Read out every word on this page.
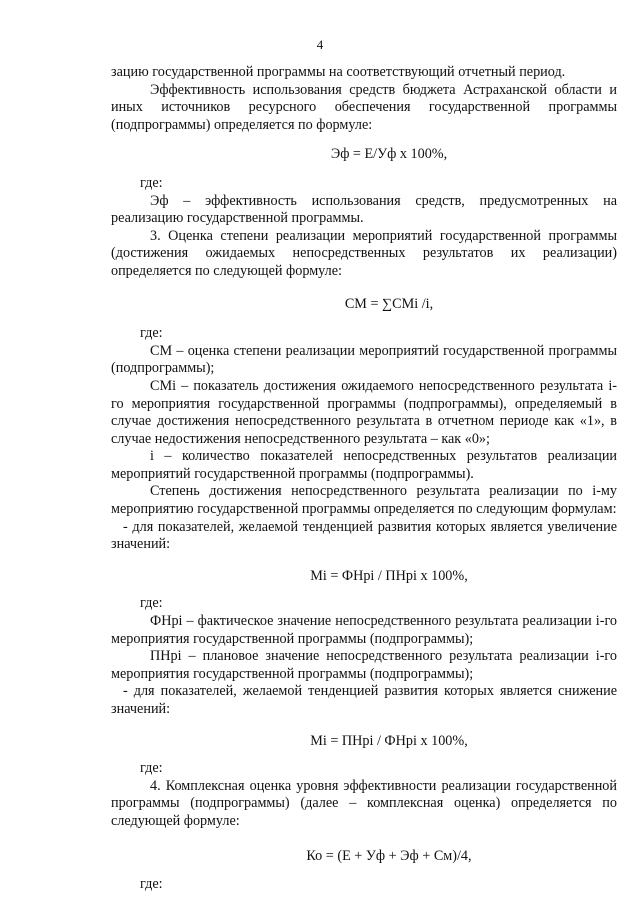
4

зацию государственной программы на соответствующий отчетный период.

Эффективность использования средств бюджета Астраханской области и иных источников ресурсного обеспечения государственной программы (подпрограммы) определяется по формуле:

Эф = Е/Уф х 100%,

где:

Эф – эффективность использования средств, предусмотренных на реализацию государственной программы.

3. Оценка степени реализации мероприятий государственной программы (достижения ожидаемых непосредственных результатов их реализации) определяется по следующей формуле:

СМ = ∑СМі /і,

где:

СМ – оценка степени реализации мероприятий государственной программы (подпрограммы);

СМі – показатель достижения ожидаемого непосредственного результата і-го мероприятия государственной программы (подпрограммы), определяемый в случае достижения непосредственного результата в отчетном периоде как «1», в случае недостижения непосредственного результата – как «0»;

і – количество показателей непосредственных результатов реализации мероприятий государственной программы (подпрограммы).

Степень достижения непосредственного результата реализации по і-му мероприятию государственной программы определяется по следующим формулам:

- для показателей, желаемой тенденцией развития которых является увеличение значений:

Мі = ФНрі / ПНрі х 100%,

где:

ФНрі – фактическое значение непосредственного результата реализации і-го мероприятия государственной программы (подпрограммы);

ПНрі – плановое значение непосредственного результата реализации і-го мероприятия государственной программы (подпрограммы);

- для показателей, желаемой тенденцией развития которых является снижение значений:

Мі = ПНрі / ФНрі х 100%,

где:

4. Комплексная оценка уровня эффективности реализации государственной программы (подпрограммы) (далее – комплексная оценка) определяется по следующей формуле:

Ко = (Е + Уф + Эф + См)/4,

где:
